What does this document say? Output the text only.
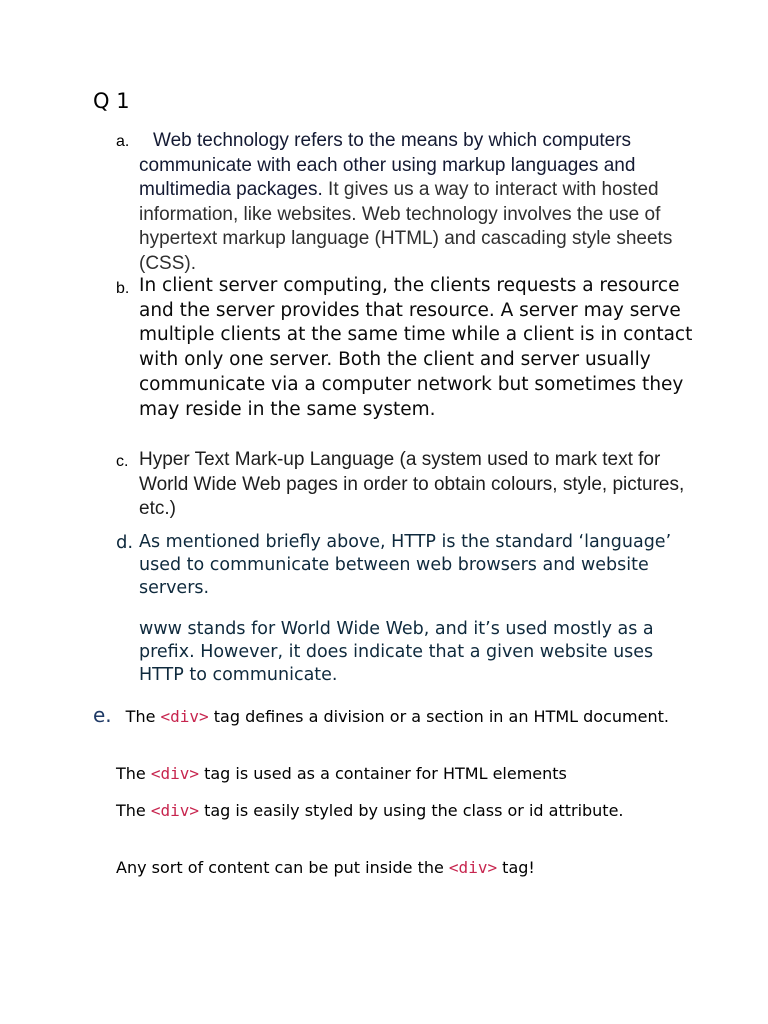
Q 1
a.	Web technology refers to the means by which computers communicate with each other using markup languages and multimedia packages. It gives us a way to interact with hosted information, like websites. Web technology involves the use of hypertext markup language (HTML) and cascading style sheets (CSS).

b. In client server computing, the clients requests a resource and the server provides that resource. A server may serve multiple clients at the same time while a client is in contact with only one server. Both the client and server usually communicate via a computer network but sometimes they may reside in the same system.

c. Hyper Text Mark-up Language (a system used to mark text for World Wide Web pages in order to obtain colours, style, pictures, etc.)

d. As mentioned briefly above, HTTP is the standard ‘language’ used to communicate between web browsers and website servers.

www stands for World Wide Web, and it’s used mostly as a prefix. However, it does indicate that a given website uses HTTP to communicate.

e. The <div> tag defines a division or a section in an HTML document.

The <div> tag is used as a container for HTML elements

The <div> tag is easily styled by using the class or id attribute.

Any sort of content can be put inside the <div> tag!
